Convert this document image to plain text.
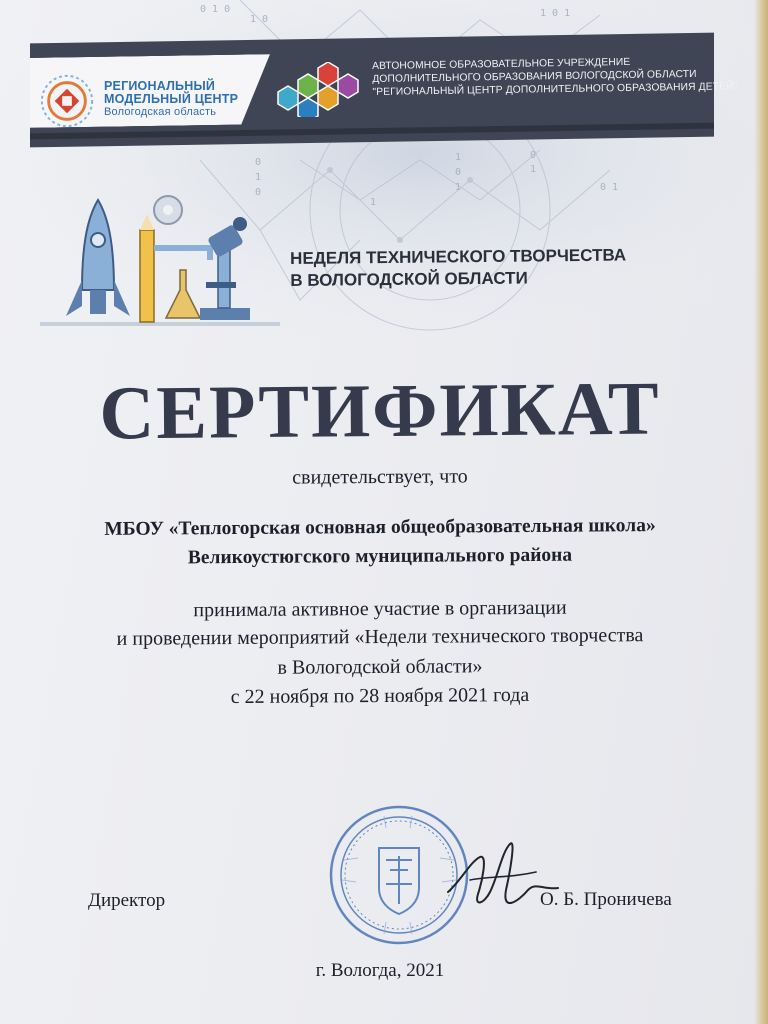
0 1 0
1 0
1 0 1
0
1
0
1
0
1
0
1
1
0 1
РЕГИОНАЛЬНЫЙ
МОДЕЛЬНЫЙ ЦЕНТР
Вологодская область
АВТОНОМНОЕ ОБРАЗОВАТЕЛЬНОЕ УЧРЕЖДЕНИЕ
ДОПОЛНИТЕЛЬНОГО ОБРАЗОВАНИЯ ВОЛОГОДСКОЙ ОБЛАСТИ
"РЕГИОНАЛЬНЫЙ ЦЕНТР ДОПОЛНИТЕЛЬНОГО ОБРАЗОВАНИЯ ДЕТЕЙ"
НЕДЕЛЯ ТЕХНИЧЕСКОГО ТВОРЧЕСТВА
В ВОЛОГОДСКОЙ ОБЛАСТИ
СЕРТИФИКАТ
свидетельствует, что
МБОУ «Теплогорская основная общеобразовательная школа»
Великоустюгского муниципального района
принимала активное участие в организации
и проведении мероприятий «Недели технического творчества
в Вологодской области»
с 22 ноября по 28 ноября 2021 года
Директор	О. Б. Проничева
г. Вологда, 2021
